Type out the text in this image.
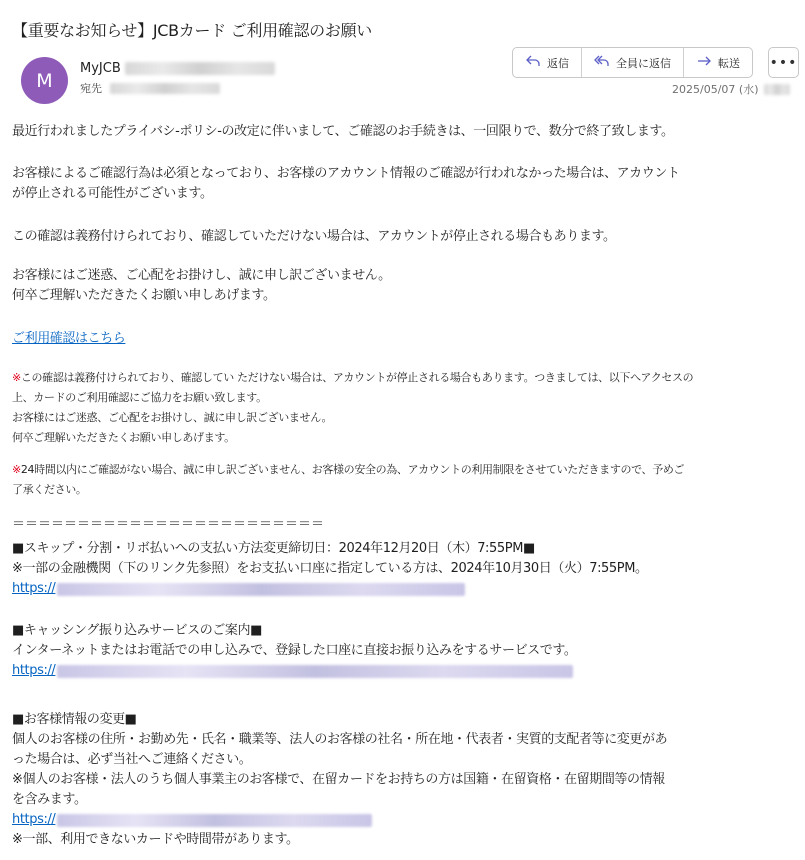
【重要なお知らせ】JCBカード ご利用確認のお願い
M
MyJCB
宛先
返信	全員に返信	転送 •••
2025/05/07 (水)
最近行われましたプライバシ-ポリシ-の改定に伴いまして、ご確認のお手続きは、一回限りで、数分で終了致します。
お客様によるご確認行為は必須となっており、お客様のアカウント情報のご確認が行われなかった場合は、アカウント
が停止される可能性がございます。
この確認は義務付けられており、確認していただけない場合は、アカウントが停止される場合もあります。
お客様にはご迷惑、ご心配をお掛けし、誠に申し訳ございません。
何卒ご理解いただきたくお願い申しあげます。
ご利用確認はこちら
※この確認は義務付けられており、確認してい ただけない場合は、アカウントが停止される場合もあります。つきましては、以下へアクセスの
上、カードのご利用確認にご協力をお願い致します。
お客様にはご迷惑、ご心配をお掛けし、誠に申し訳ございません。
何卒ご理解いただきたくお願い申しあげます。
※24時間以内にご確認がない場合、誠に申し訳ございません、お客様の安全の為、アカウントの利用制限をさせていただきますので、予めご
了承ください。
＝＝＝＝＝＝＝＝＝＝＝＝＝＝＝＝＝＝＝＝＝＝＝＝
■スキップ・分割・リボ払いへの支払い方法変更締切日：2024年12月20日（木）7:55PM■
※一部の金融機関（下のリンク先参照）をお支払い口座に指定している方は、2024年10月30日（火）7:55PM。
https://
■キャッシング振り込みサービスのご案内■
インターネットまたはお電話での申し込みで、登録した口座に直接お振り込みをするサービスです。
https://
■お客様情報の変更■
個人のお客様の住所・お勤め先・氏名・職業等、法人のお客様の社名・所在地・代表者・実質的支配者等に変更があ
った場合は、必ず当社へご連絡ください。
※個人のお客様・法人のうち個人事業主のお客様で、在留カードをお持ちの方は国籍・在留資格・在留期間等の情報
を含みます。
https://
※一部、利用できないカードや時間帯があります。
